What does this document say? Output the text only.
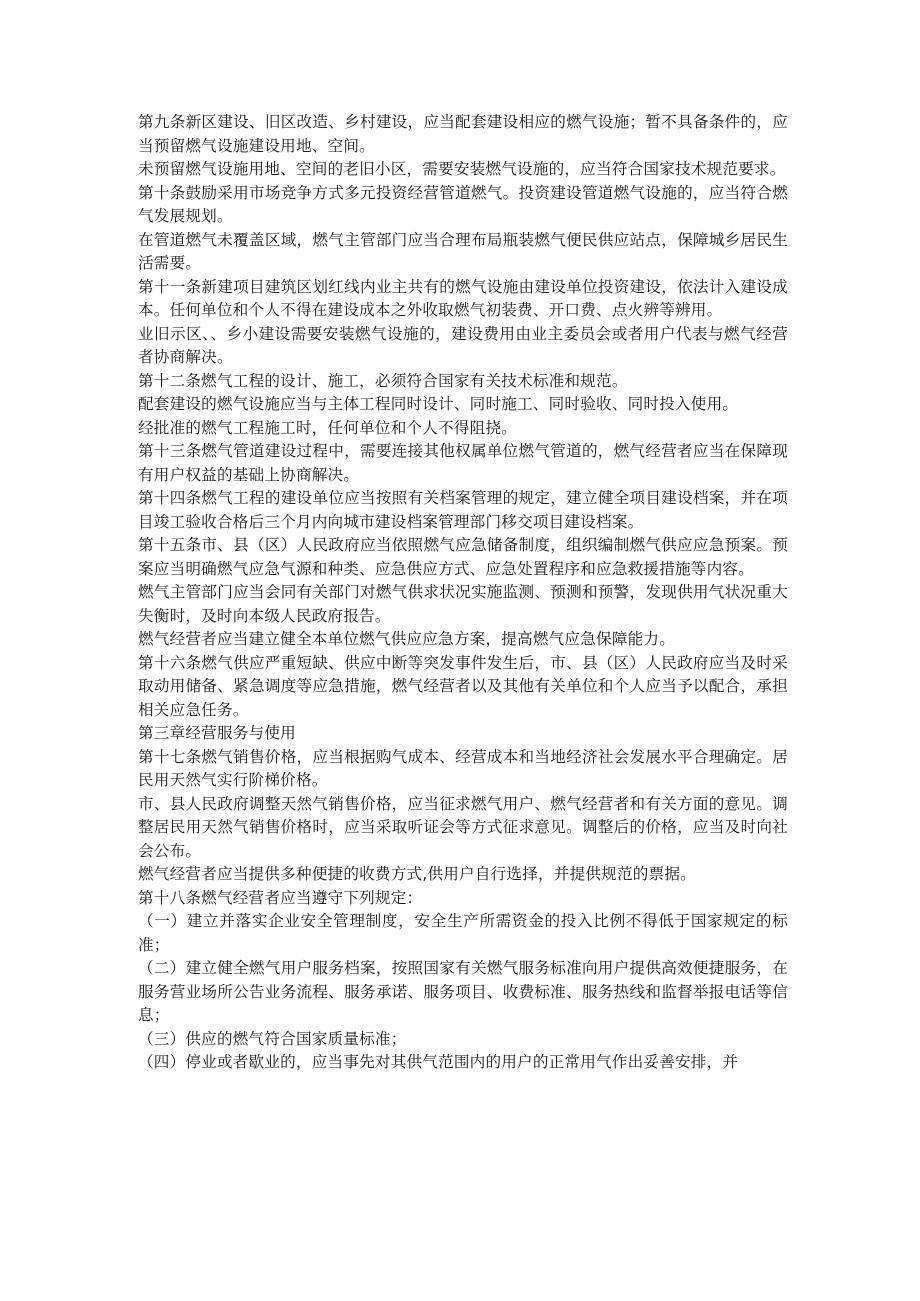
第九条新区建设、旧区改造、乡村建设，应当配套建设相应的燃气设施；暂不具备条件的，应当预留燃气设施建设用地、空间。

未预留燃气设施用地、空间的老旧小区，需要安装燃气设施的，应当符合国家技术规范要求。

第十条鼓励采用市场竞争方式多元投资经营管道燃气。投资建设管道燃气设施的，应当符合燃气发展规划。

在管道燃气未覆盖区域，燃气主管部门应当合理布局瓶装燃气便民供应站点，保障城乡居民生活需要。

第十一条新建项目建筑区划红线内业主共有的燃气设施由建设单位投资建设，依法计入建设成本。任何单位和个人不得在建设成本之外收取燃气初装费、开口费、点火辨等辨用。

业旧示区、、乡小建设需要安装燃气设施的，建设费用由业主委员会或者用户代表与燃气经营者协商解决。

第十二条燃气工程的设计、施工，必须符合国家有关技术标准和规范。

配套建设的燃气设施应当与主体工程同时设计、同时施工、同时验收、同时投入使用。

经批准的燃气工程施工时，任何单位和个人不得阻挠。

第十三条燃气管道建设过程中，需要连接其他权属单位燃气管道的，燃气经营者应当在保障现有用户权益的基础上协商解决。

第十四条燃气工程的建设单位应当按照有关档案管理的规定，建立健全项目建设档案，并在项目竣工验收合格后三个月内向城市建设档案管理部门移交项目建设档案。

第十五条市、县（区）人民政府应当依照燃气应急储备制度，组织编制燃气供应应急预案。预案应当明确燃气应急气源和种类、应急供应方式、应急处置程序和应急救援措施等内容。

燃气主管部门应当会同有关部门对燃气供求状况实施监测、预测和预警，发现供用气状况重大失衡时，及时向本级人民政府报告。

燃气经营者应当建立健全本单位燃气供应应急方案，提高燃气应急保障能力。

第十六条燃气供应严重短缺、供应中断等突发事件发生后，市、县（区）人民政府应当及时采取动用储备、紧急调度等应急措施，燃气经营者以及其他有关单位和个人应当予以配合，承担相关应急任务。

第三章经营服务与使用

第十七条燃气销售价格，应当根据购气成本、经营成本和当地经济社会发展水平合理确定。居民用天然气实行阶梯价格。

市、县人民政府调整天然气销售价格，应当征求燃气用户、燃气经营者和有关方面的意见。调整居民用天然气销售价格时，应当采取听证会等方式征求意见。调整后的价格，应当及时向社会公布。

燃气经营者应当提供多种便捷的收费方式,供用户自行选择，并提供规范的票据。

第十八条燃气经营者应当遵守下列规定：

（一）建立并落实企业安全管理制度，安全生产所需资金的投入比例不得低于国家规定的标准；

（二）建立健全燃气用户服务档案，按照国家有关燃气服务标准向用户提供高效便捷服务，在服务营业场所公告业务流程、服务承诺、服务项目、收费标准、服务热线和监督举报电话等信息；

（三）供应的燃气符合国家质量标准；

（四）停业或者歇业的，应当事先对其供气范围内的用户的正常用气作出妥善安排，并
